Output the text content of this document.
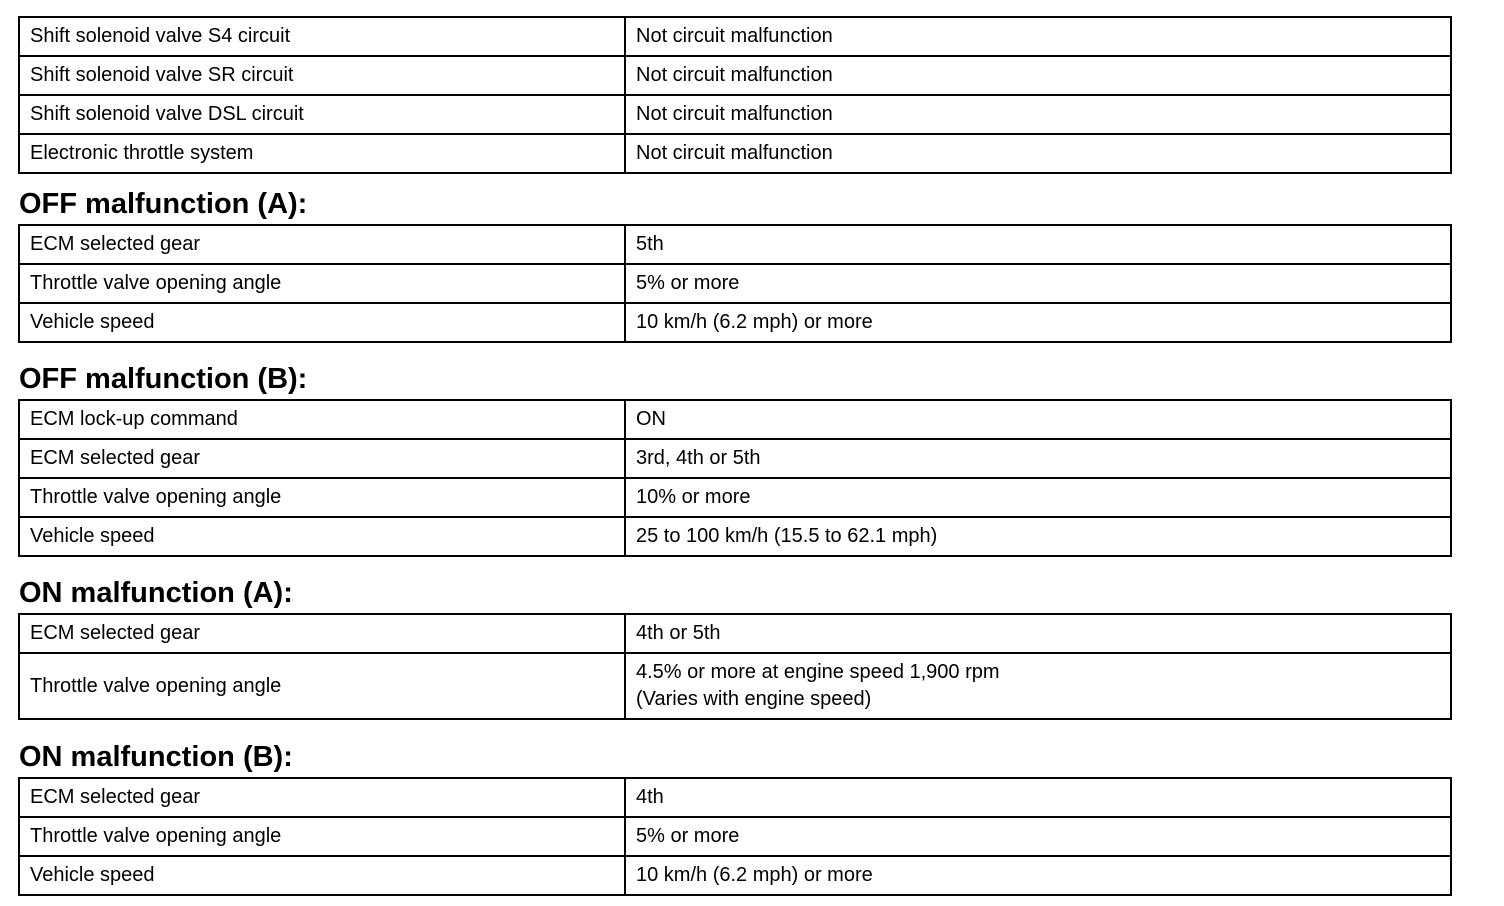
Shift solenoid valve S4 circuit	Not circuit malfunction
Shift solenoid valve SR circuit	Not circuit malfunction
Shift solenoid valve DSL circuit	Not circuit malfunction
Electronic throttle system	Not circuit malfunction
OFF malfunction (A):
ECM selected gear	5th
Throttle valve opening angle	5% or more
Vehicle speed	10 km/h (6.2 mph) or more
OFF malfunction (B):
ECM lock-up command	ON
ECM selected gear	3rd, 4th or 5th
Throttle valve opening angle	10% or more
Vehicle speed	25 to 100 km/h (15.5 to 62.1 mph)
ON malfunction (A):
ECM selected gear	4th or 5th
Throttle valve opening angle	4.5% or more at engine speed 1,900 rpm
(Varies with engine speed)
ON malfunction (B):
ECM selected gear	4th
Throttle valve opening angle	5% or more
Vehicle speed	10 km/h (6.2 mph) or more
